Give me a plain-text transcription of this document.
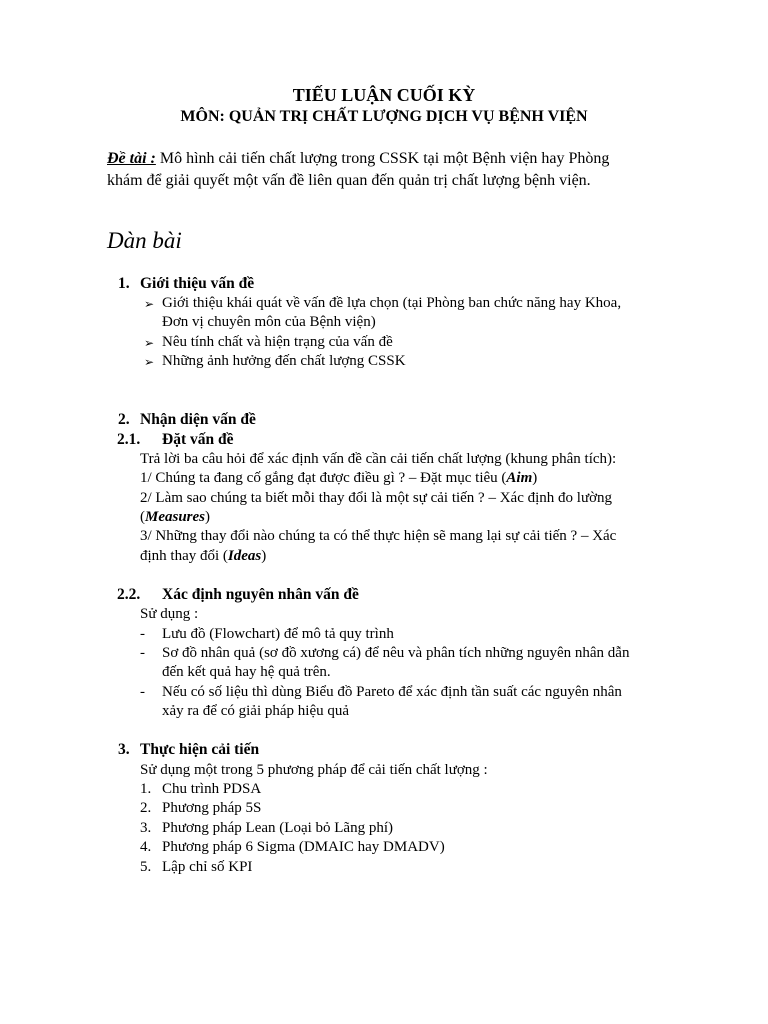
TIẾU LUẬN CUỐI KỲ
MÔN: QUẢN TRỊ CHẤT LƯỢNG DỊCH VỤ BỆNH VIỆN
Đề tài : Mô hình cải tiến chất lượng trong CSSK tại một Bệnh viện hay Phòng
khám để giải quyết một vấn đề liên quan đến quản trị chất lượng bệnh viện.
Dàn bài
1. Giới thiệu vấn đề
➢ Giới thiệu khái quát về vấn đề lựa chọn (tại Phòng ban chức năng hay Khoa,
Đơn vị chuyên môn của Bệnh viện)
➢ Nêu tính chất và hiện trạng của vấn đề
➢ Những ảnh hưởng đến chất lượng CSSK
2. Nhận diện vấn đề
2.1. Đặt vấn đề
Trả lời ba câu hỏi để xác định vấn đề cần cải tiến chất lượng (khung phân tích):
1/ Chúng ta đang cố gắng đạt được điều gì ? – Đặt mục tiêu (Aim)
2/ Làm sao chúng ta biết mỗi thay đổi là một sự cải tiến ? – Xác định đo lường
(Measures)
3/ Những thay đổi nào chúng ta có thể thực hiện sẽ mang lại sự cải tiến ? – Xác
định thay đổi (Ideas)
2.2. Xác định nguyên nhân vấn đề
Sử dụng :
- Lưu đồ (Flowchart) để mô tả quy trình
- Sơ đồ nhân quả (sơ đồ xương cá) để nêu và phân tích những nguyên nhân dẫn
đến kết quả hay hệ quả trên.
- Nếu có số liệu thì dùng Biểu đồ Pareto để xác định tần suất các nguyên nhân
xảy ra để có giải pháp hiệu quả
3. Thực hiện cải tiến
Sử dụng một trong 5 phương pháp để cải tiến chất lượng :
1. Chu trình PDSA
2. Phương pháp 5S
3. Phương pháp Lean (Loại bỏ Lãng phí)
4. Phương pháp 6 Sigma (DMAIC hay DMADV)
5. Lập chỉ số KPI
